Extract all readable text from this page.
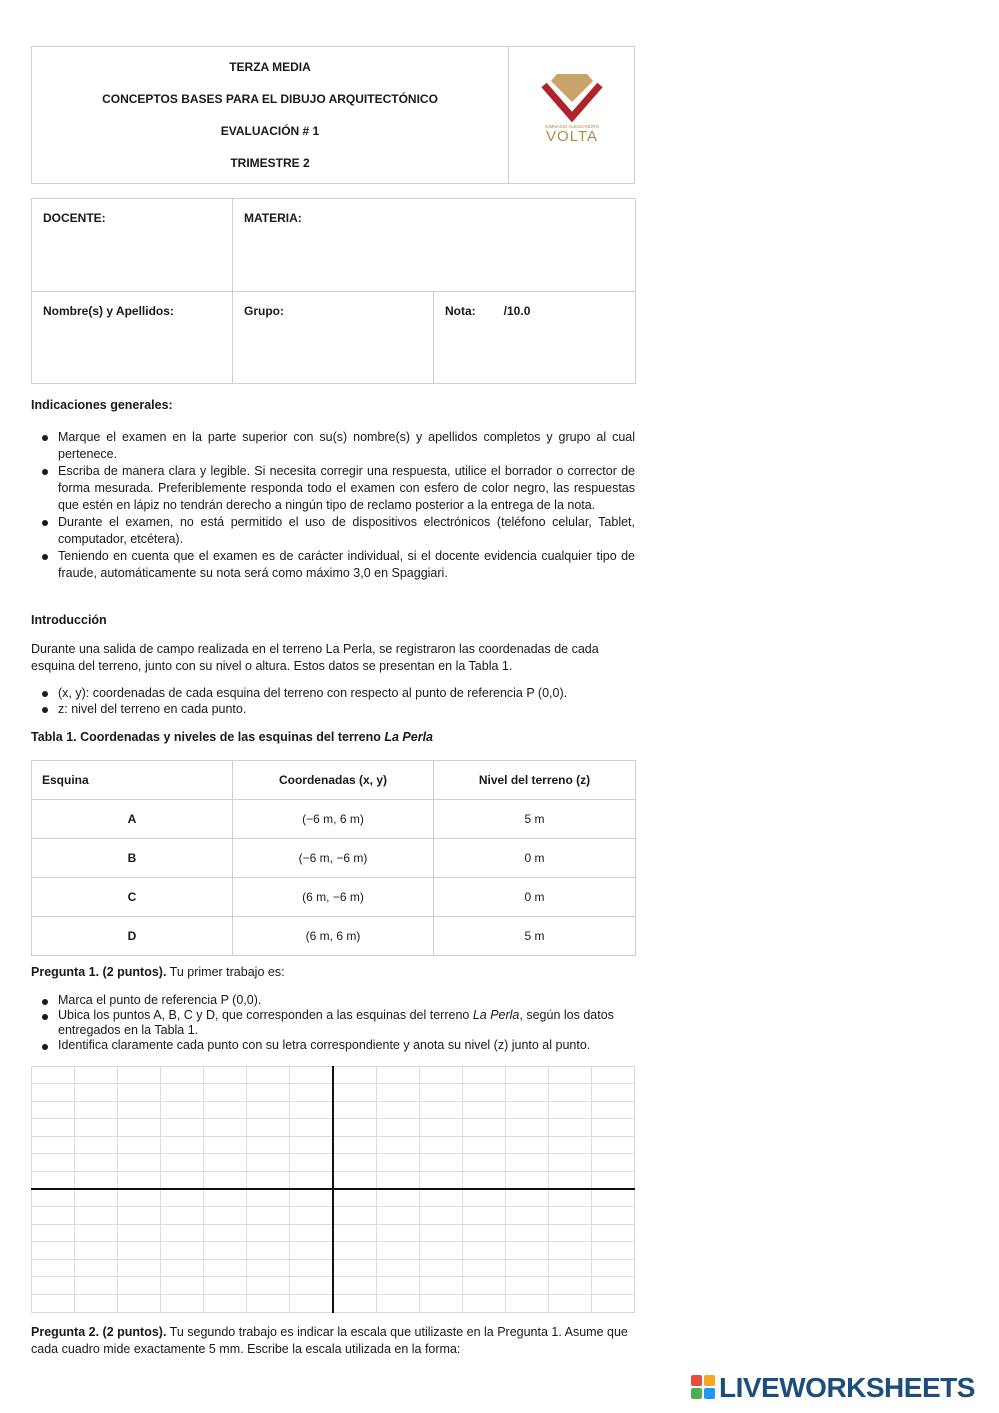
TERZA MEDIA
CONCEPTOS BASES PARA EL DIBUJO ARQUITECTÓNICO
EVALUACIÓN # 1
TRIMESTRE 2
GIMNASIO ALESSANDRO
VOLTA
DOCENTE:	MATERIA:	
Nombre(s) y Apellidos:	Grupo:	Nota: /10.0
Indicaciones generales:
Marque el examen en la parte superior con su(s) nombre(s) y apellidos completos y grupo al cual pertenece.
Escriba de manera clara y legible. Si necesita corregir una respuesta, utilice el borrador o corrector de forma mesurada. Preferiblemente responda todo el examen con esfero de color negro, las respuestas que estén en lápiz no tendrán derecho a ningún tipo de reclamo posterior a la entrega de la nota.
Durante el examen, no está permitido el uso de dispositivos electrónicos (teléfono celular, Tablet, computador, etcétera).
Teniendo en cuenta que el examen es de carácter individual, si el docente evidencia cualquier tipo de fraude, automáticamente su nota será como máximo 3,0 en Spaggiari.
Introducción
Durante una salida de campo realizada en el terreno La Perla, se registraron las coordenadas de cada esquina del terreno, junto con su nivel o altura. Estos datos se presentan en la Tabla 1.
(x, y): coordenadas de cada esquina del terreno con respecto al punto de referencia P (0,0).
z: nivel del terreno en cada punto.
Tabla 1. Coordenadas y niveles de las esquinas del terreno La Perla
Esquina	Coordenadas (x, y)	Nivel del terreno (z)
A	(−6 m, 6 m)	5 m
B	(−6 m, −6 m)	0 m
C	(6 m, −6 m)	0 m
D	(6 m, 6 m)	5 m
Pregunta 1. (2 puntos). Tu primer trabajo es:
Marca el punto de referencia P (0,0).
Ubica los puntos A, B, C y D, que corresponden a las esquinas del terreno La Perla, según los datos entregados en la Tabla 1.
Identifica claramente cada punto con su letra correspondiente y anota su nivel (z) junto al punto.
Pregunta 2. (2 puntos). Tu segundo trabajo es indicar la escala que utilizaste en la Pregunta 1. Asume que cada cuadro mide exactamente 5 mm. Escribe la escala utilizada en la forma:
LIVEWORKSHEETS
